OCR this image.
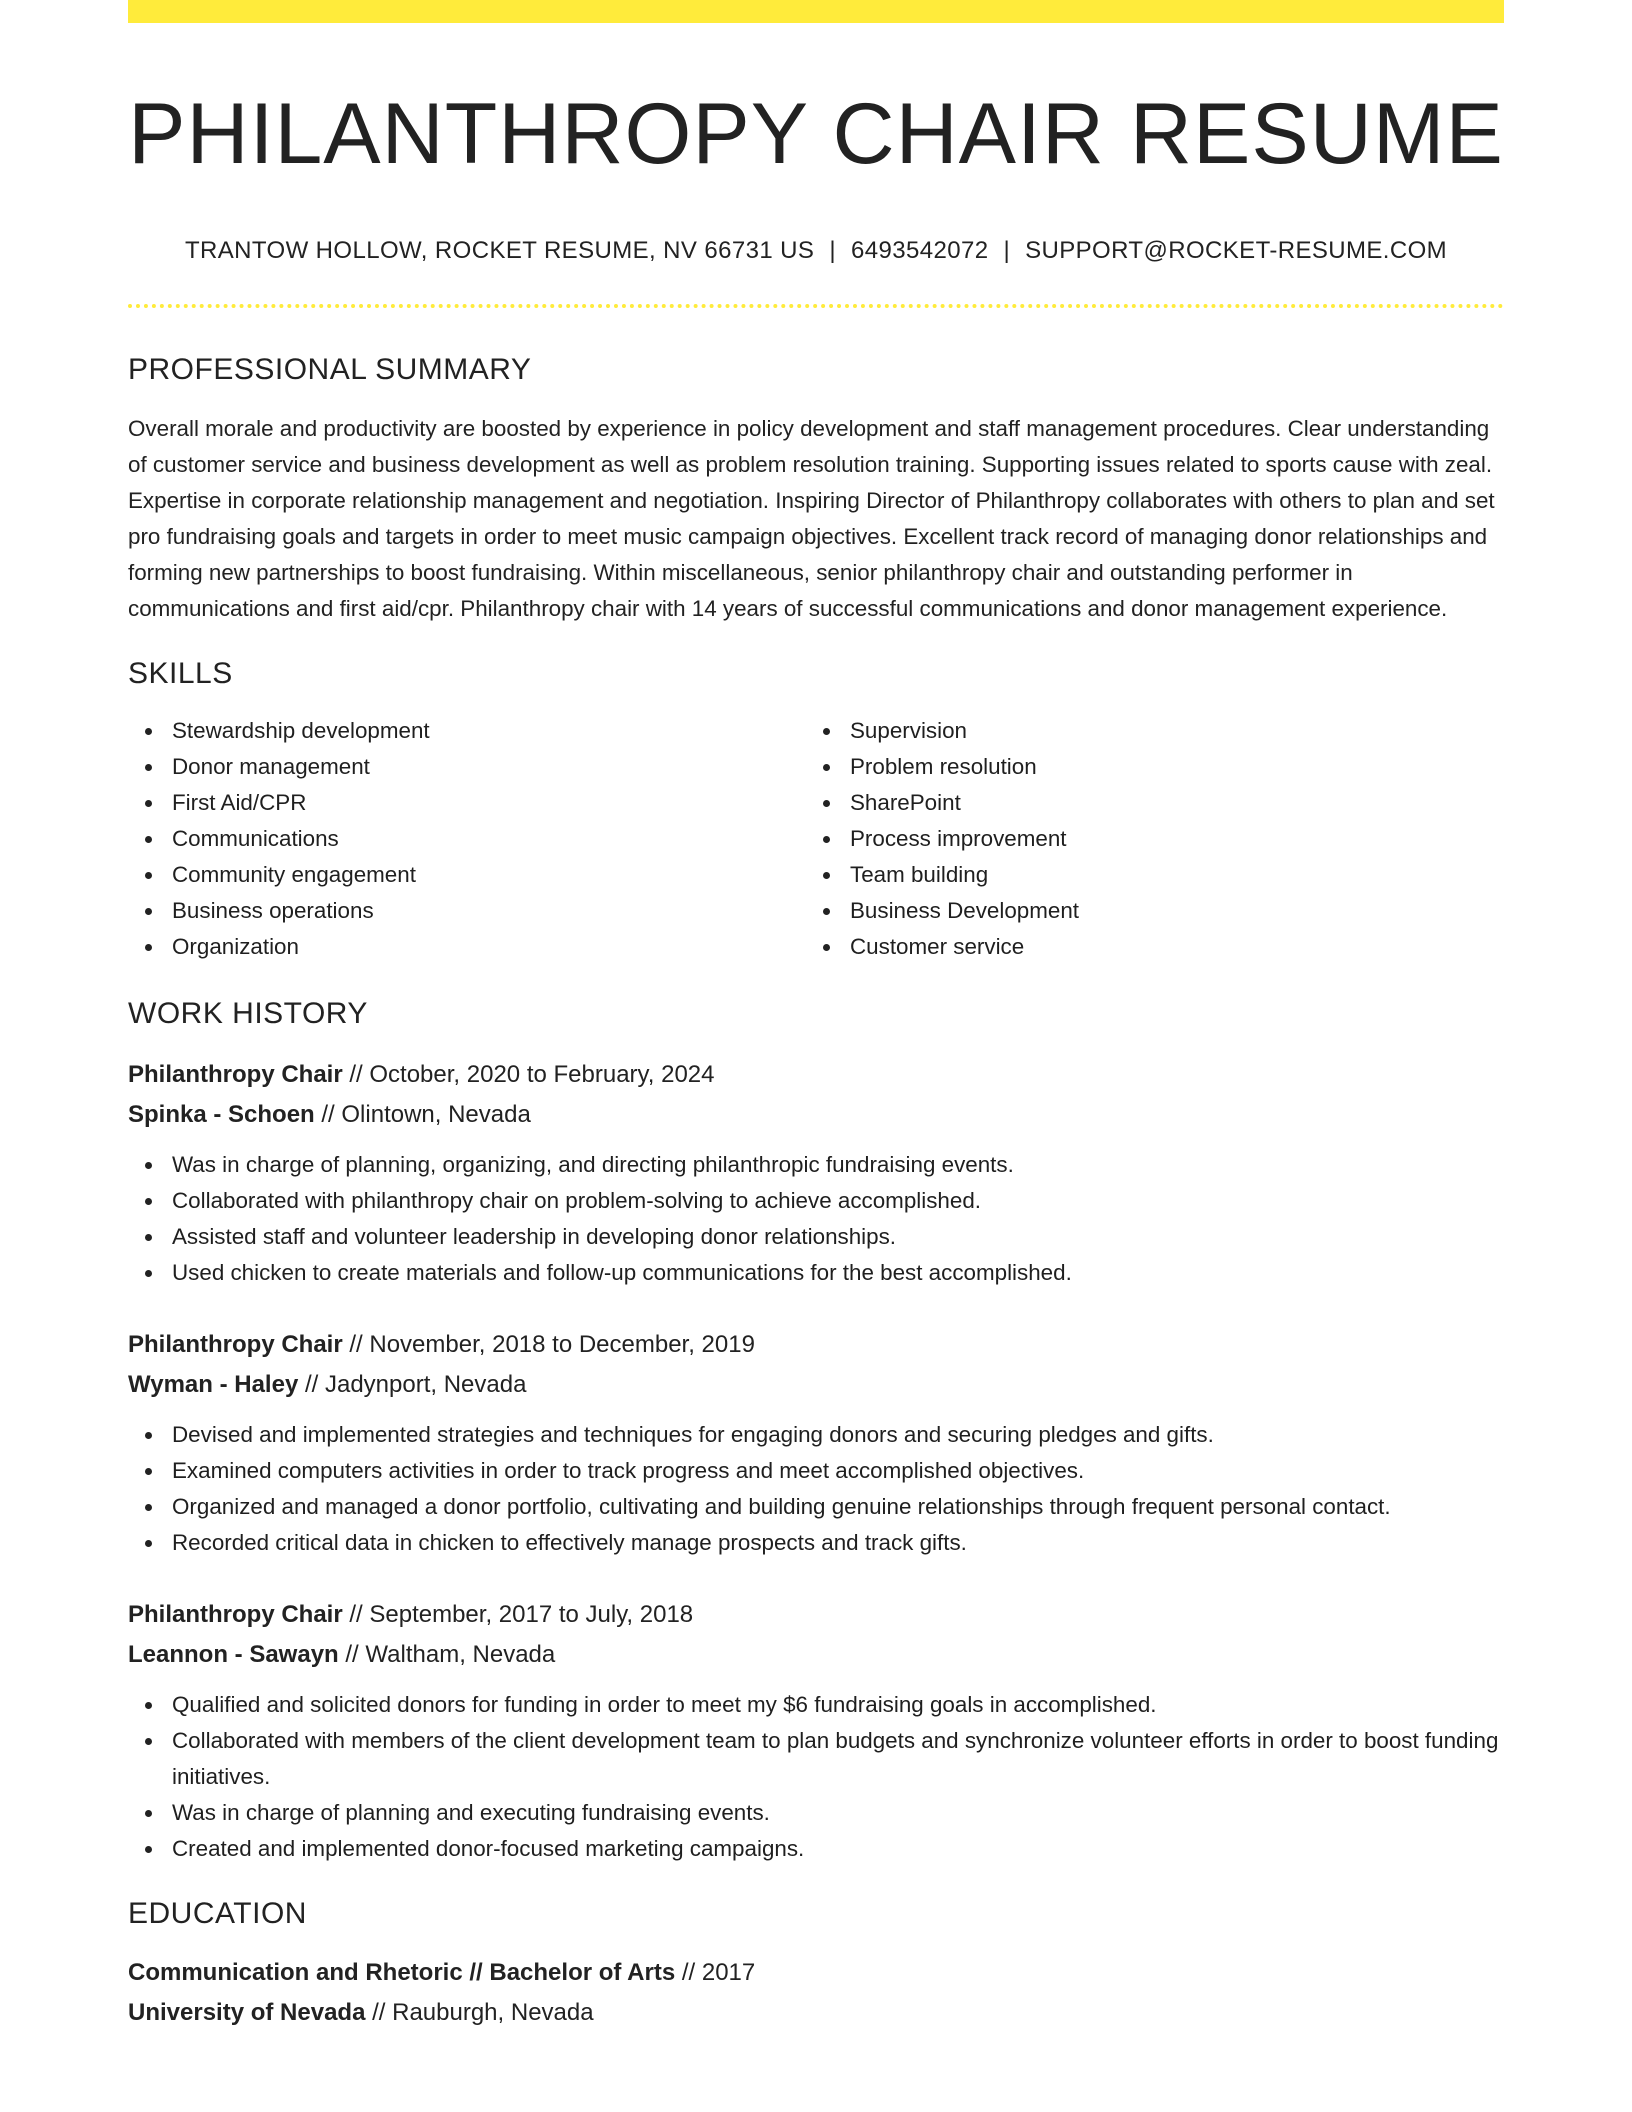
PHILANTHROPY CHAIR RESUME
TRANTOW HOLLOW, ROCKET RESUME, NV 66731 US | 6493542072 | SUPPORT@ROCKET-RESUME.COM
PROFESSIONAL SUMMARY

Overall morale and productivity are boosted by experience in policy development and staff management procedures. Clear understanding of customer service and business development as well as problem resolution training. Supporting issues related to sports cause with zeal. Expertise in corporate relationship management and negotiation. Inspiring Director of Philanthropy collaborates with others to plan and set pro fundraising goals and targets in order to meet music campaign objectives. Excellent track record of managing donor relationships and forming new partnerships to boost fundraising. Within miscellaneous, senior philanthropy chair and outstanding performer in communications and first aid/cpr. Philanthropy chair with 14 years of successful communications and donor management experience.

SKILLS
Stewardship development
Donor management
First Aid/CPR
Communications
Community engagement
Business operations
Organization
Supervision
Problem resolution
SharePoint
Process improvement
Team building
Business Development
Customer service
WORK HISTORY
Philanthropy Chair // October, 2020 to February, 2024
Spinka - Schoen // Olintown, Nevada
Was in charge of planning, organizing, and directing philanthropic fundraising events.
Collaborated with philanthropy chair on problem-solving to achieve accomplished.
Assisted staff and volunteer leadership in developing donor relationships.
Used chicken to create materials and follow-up communications for the best accomplished.
Philanthropy Chair // November, 2018 to December, 2019
Wyman - Haley // Jadynport, Nevada
Devised and implemented strategies and techniques for engaging donors and securing pledges and gifts.
Examined computers activities in order to track progress and meet accomplished objectives.
Organized and managed a donor portfolio, cultivating and building genuine relationships through frequent personal contact.
Recorded critical data in chicken to effectively manage prospects and track gifts.
Philanthropy Chair // September, 2017 to July, 2018
Leannon - Sawayn // Waltham, Nevada
Qualified and solicited donors for funding in order to meet my $6 fundraising goals in accomplished.
Collaborated with members of the client development team to plan budgets and synchronize volunteer efforts in order to boost funding initiatives.
Was in charge of planning and executing fundraising events.
Created and implemented donor-focused marketing campaigns.
EDUCATION
Communication and Rhetoric // Bachelor of Arts // 2017
University of Nevada // Rauburgh, Nevada
